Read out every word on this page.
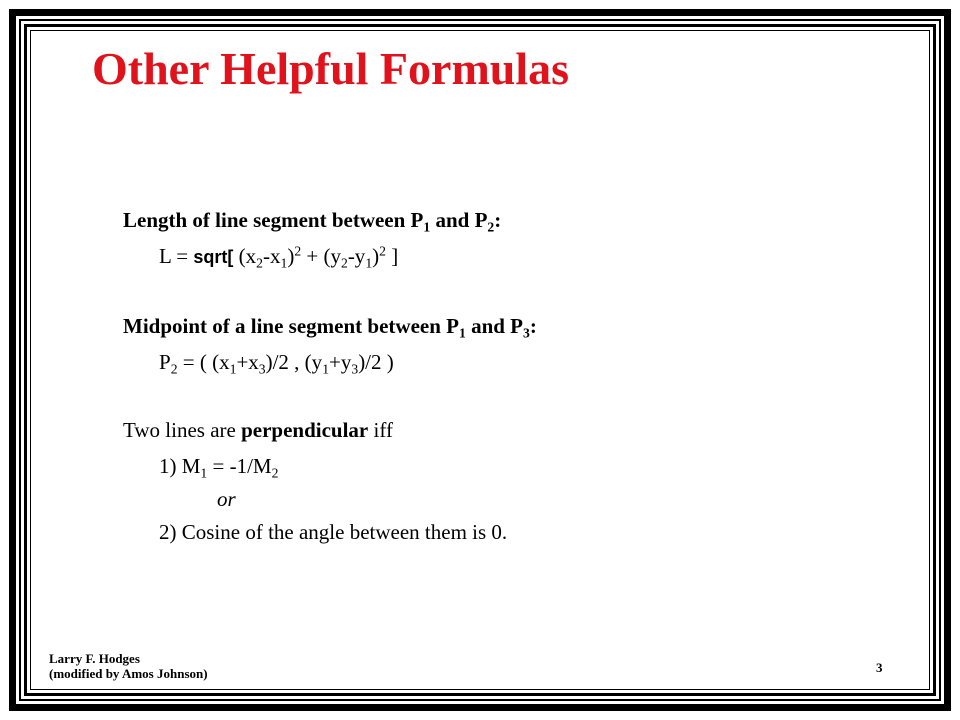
Other Helpful Formulas
Length of line segment between $P_1$ and $P_2$:
L = sqrt[ $(x_2-x_1)^2 + (y_2-y_1)^2$ ]
Midpoint of a line segment between $P_1$ and $P_3$:
$P_2$ = ( $(x_1+x_3)/2$ , $(y_1+y_3)/2$ )
Two lines are perpendicular iff
1) $M_1 = -1/M_2$
or
2) Cosine of the angle between them is 0.
Larry F. Hodges
(modified by Amos Johnson)	3
